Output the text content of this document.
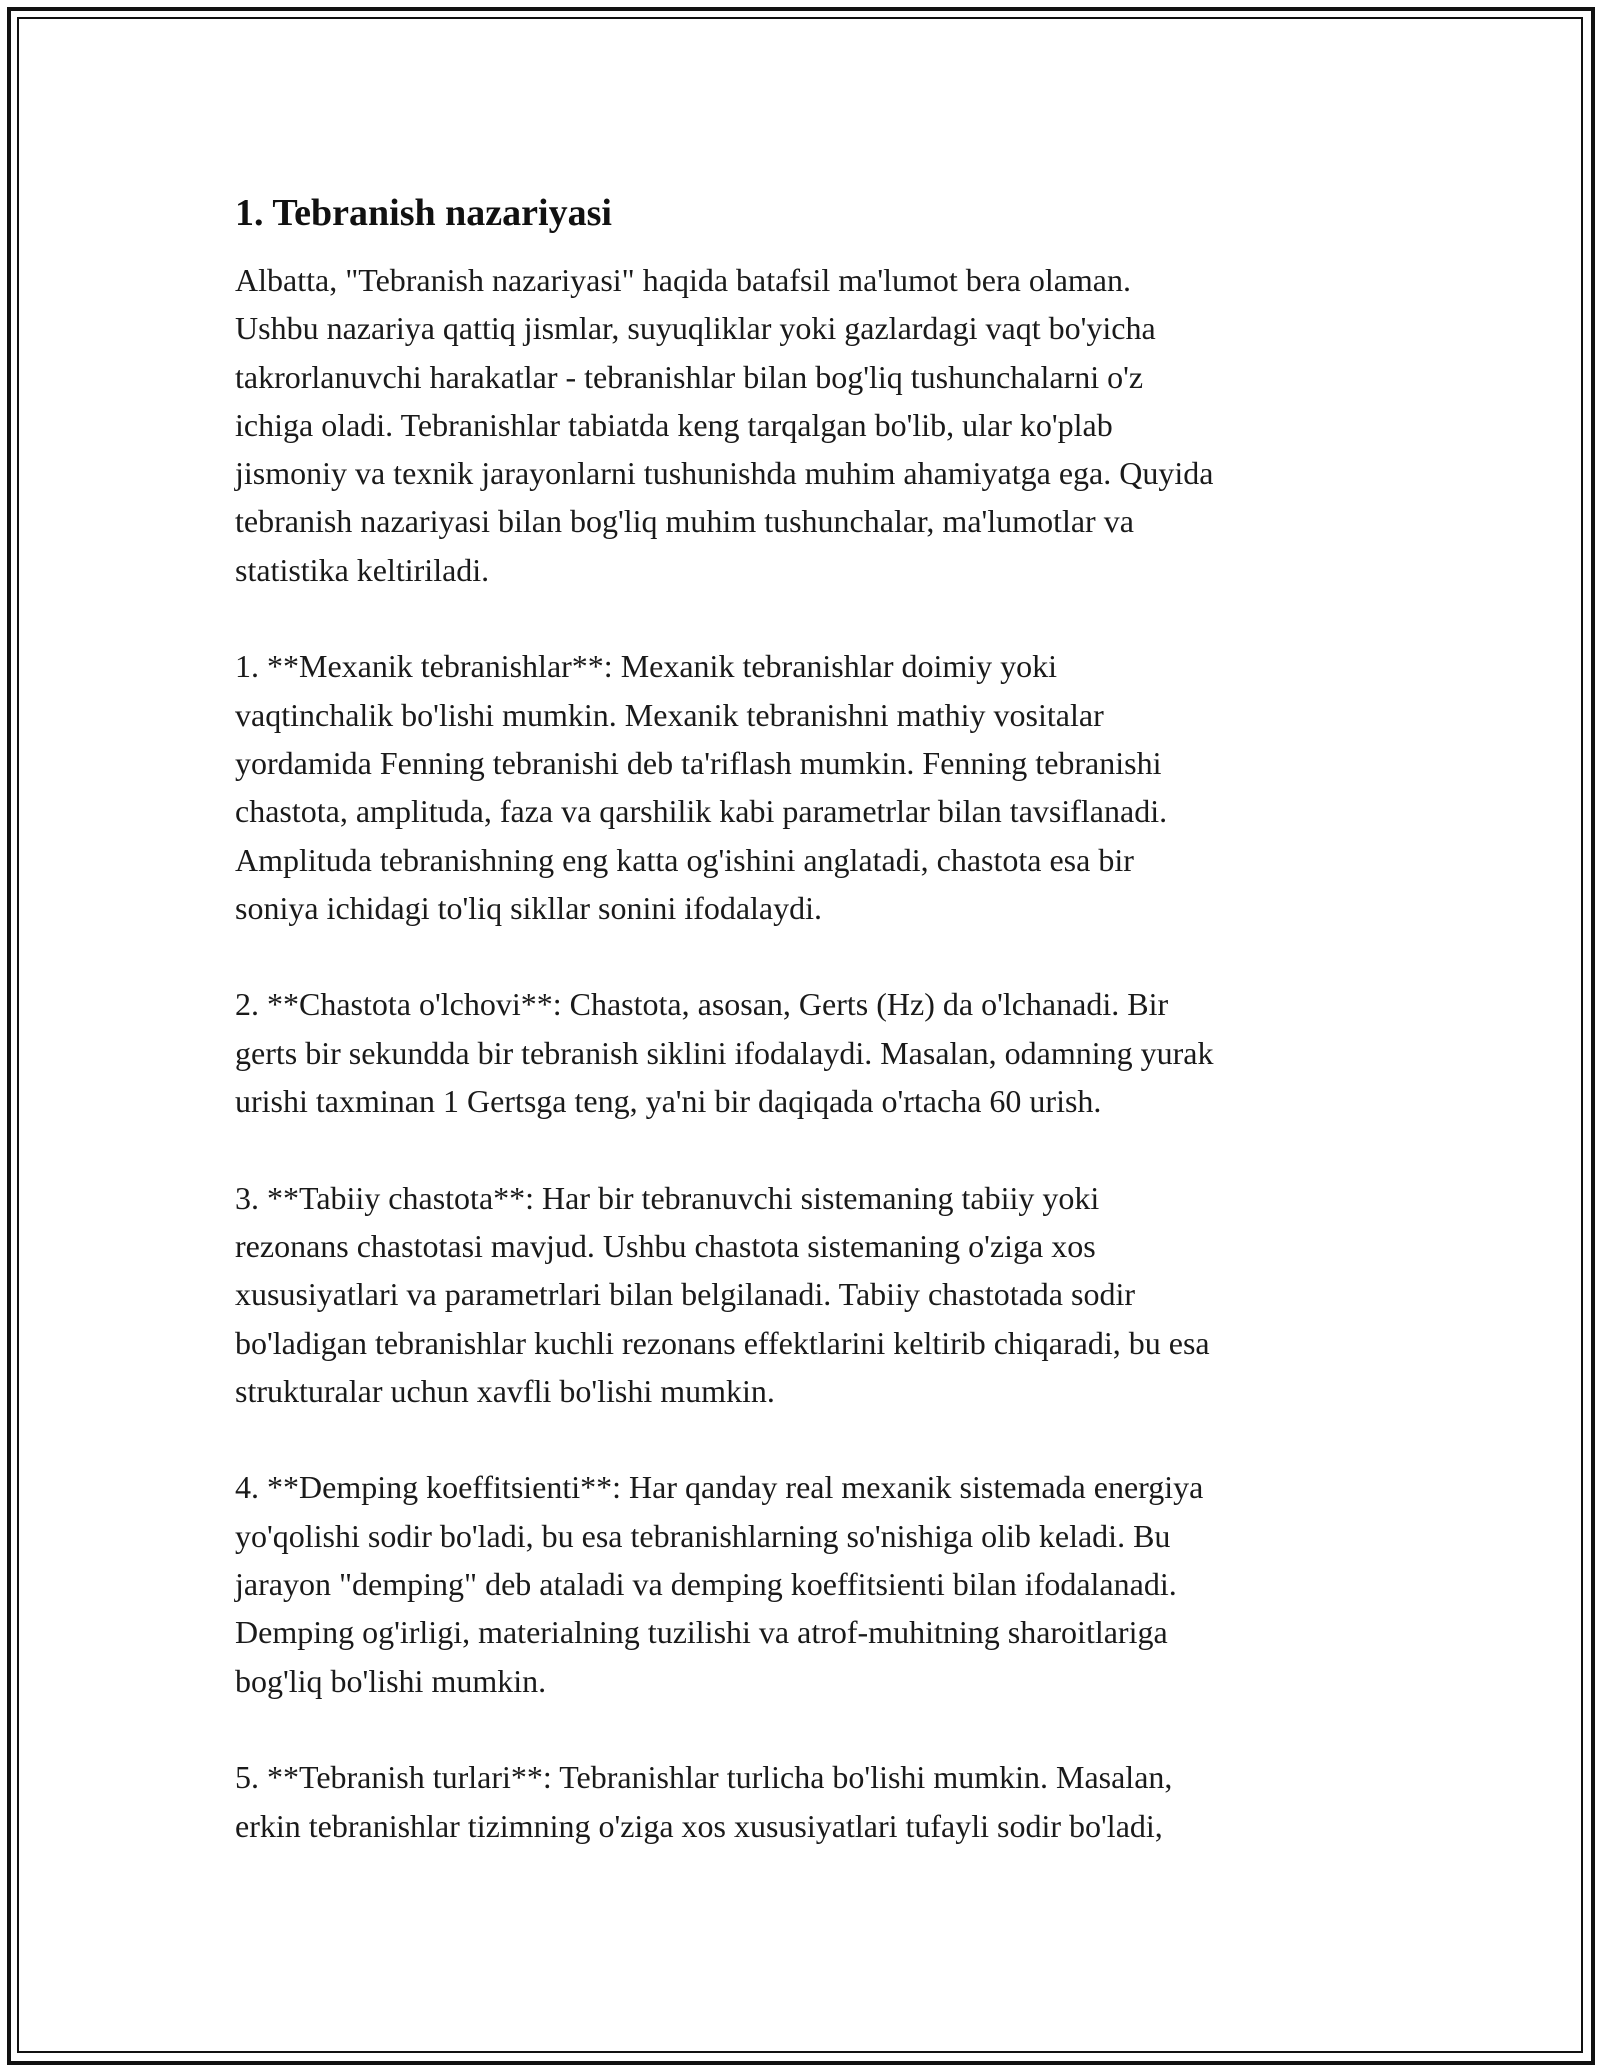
1. Tebranish nazariyasi

Albatta, "Tebranish nazariyasi" haqida batafsil ma'lumot bera olaman.
Ushbu nazariya qattiq jismlar, suyuqliklar yoki gazlardagi vaqt bo'yicha
takrorlanuvchi harakatlar - tebranishlar bilan bog'liq tushunchalarni o'z
ichiga oladi. Tebranishlar tabiatda keng tarqalgan bo'lib, ular ko'plab
jismoniy va texnik jarayonlarni tushunishda muhim ahamiyatga ega. Quyida
tebranish nazariyasi bilan bog'liq muhim tushunchalar, ma'lumotlar va
statistika keltiriladi.

1. **Mexanik tebranishlar**: Mexanik tebranishlar doimiy yoki
vaqtinchalik bo'lishi mumkin. Mexanik tebranishni mathiy vositalar
yordamida Fenning tebranishi deb ta'riflash mumkin. Fenning tebranishi
chastota, amplituda, faza va qarshilik kabi parametrlar bilan tavsiflanadi.
Amplituda tebranishning eng katta og'ishini anglatadi, chastota esa bir
soniya ichidagi to'liq sikllar sonini ifodalaydi.

2. **Chastota o'lchovi**: Chastota, asosan, Gerts (Hz) da o'lchanadi. Bir
gerts bir sekundda bir tebranish siklini ifodalaydi. Masalan, odamning yurak
urishi taxminan 1 Gertsga teng, ya'ni bir daqiqada o'rtacha 60 urish.

3. **Tabiiy chastota**: Har bir tebranuvchi sistemaning tabiiy yoki
rezonans chastotasi mavjud. Ushbu chastota sistemaning o'ziga xos
xususiyatlari va parametrlari bilan belgilanadi. Tabiiy chastotada sodir
bo'ladigan tebranishlar kuchli rezonans effektlarini keltirib chiqaradi, bu esa
strukturalar uchun xavfli bo'lishi mumkin.

4. **Demping koeffitsienti**: Har qanday real mexanik sistemada energiya
yo'qolishi sodir bo'ladi, bu esa tebranishlarning so'nishiga olib keladi. Bu
jarayon "demping" deb ataladi va demping koeffitsienti bilan ifodalanadi.
Demping og'irligi, materialning tuzilishi va atrof-muhitning sharoitlariga
bog'liq bo'lishi mumkin.

5. **Tebranish turlari**: Tebranishlar turlicha bo'lishi mumkin. Masalan,
erkin tebranishlar tizimning o'ziga xos xususiyatlari tufayli sodir bo'ladi,
